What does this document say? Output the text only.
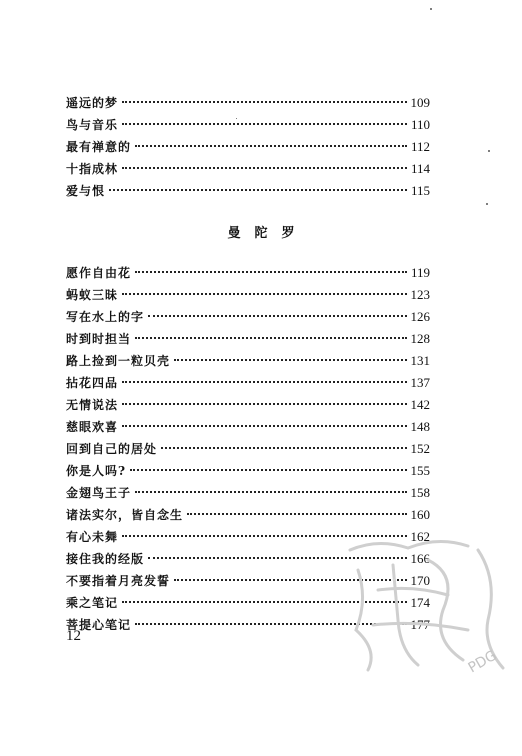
遥远的梦	109
鸟与音乐	110
最有禅意的	112
十指成林	114
爱与恨	115
曼陀罗
愿作自由花	119
蚂蚁三昧	123
写在水上的字	126
时到时担当	128
路上捡到一粒贝壳	131
拈花四品	137
无情说法	142
慈眼欢喜	148
回到自己的居处	152
你是人吗?	155
金翅鸟王子	158
诸法实尔，皆自念生	160
有心未舞	162
接住我的经版	166
不要指着月亮发誓	170
乘之笔记	174
菩提心笔记	177
12
PDG
